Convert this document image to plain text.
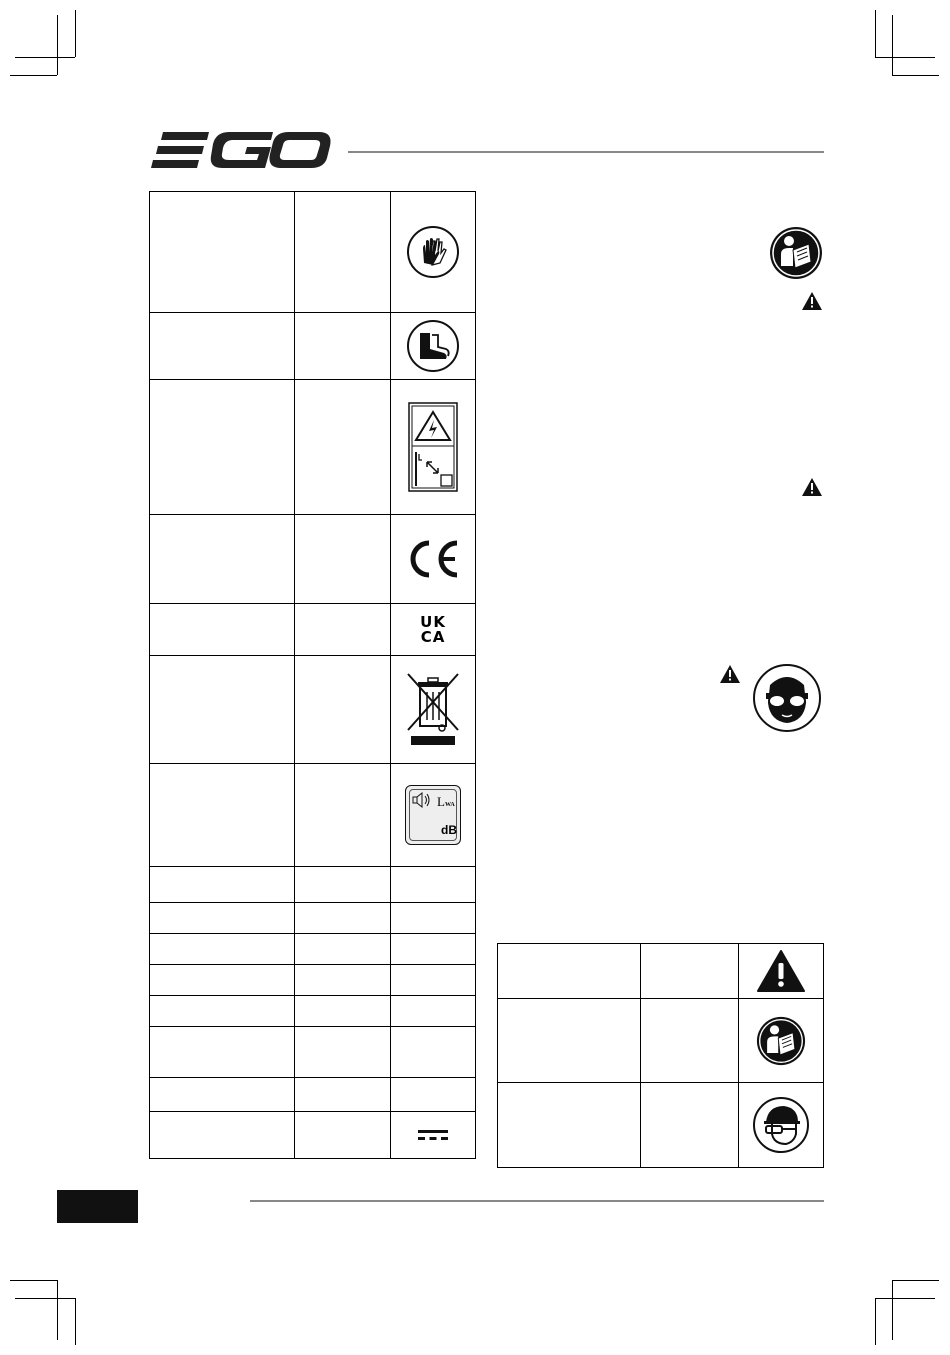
		UK
CA

		LWA
dB
